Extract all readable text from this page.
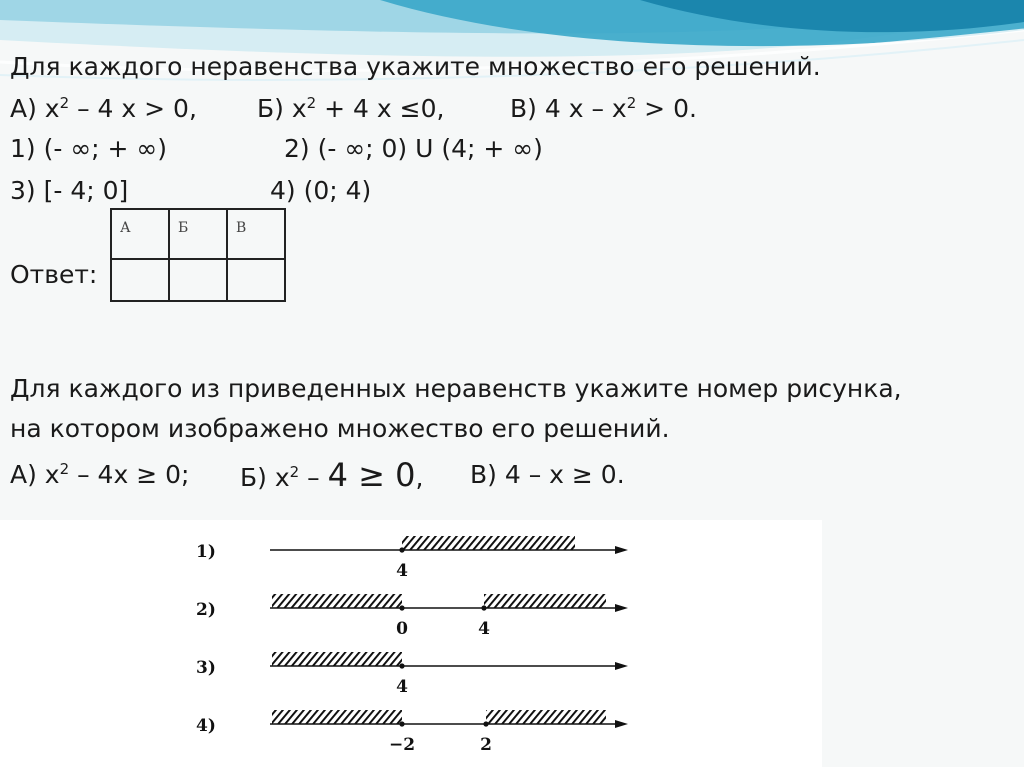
Для каждого неравенства укажите множество его решений.

А) $x^2 - 4$ x > 0, Б) $x^2 + 4$ x ≤0,	В) 4 $x - x^2 > 0$.

1) (- ∞; + ∞)	2) (- ∞; 0) U (4; + ∞)

3) [- 4; 0]	4) (0; 4)

Ответ:

А	Б	В

Для каждого из приведенных неравенств укажите номер рисунка,

на котором изображено множество его решений.

А) $x^2 - 4x \ge 0$; Б) $x^2 - 4 \ge 0$, В) 4 – x ≥ 0.

1)
4
2)
0	4
3)
4
4)
−2	2
